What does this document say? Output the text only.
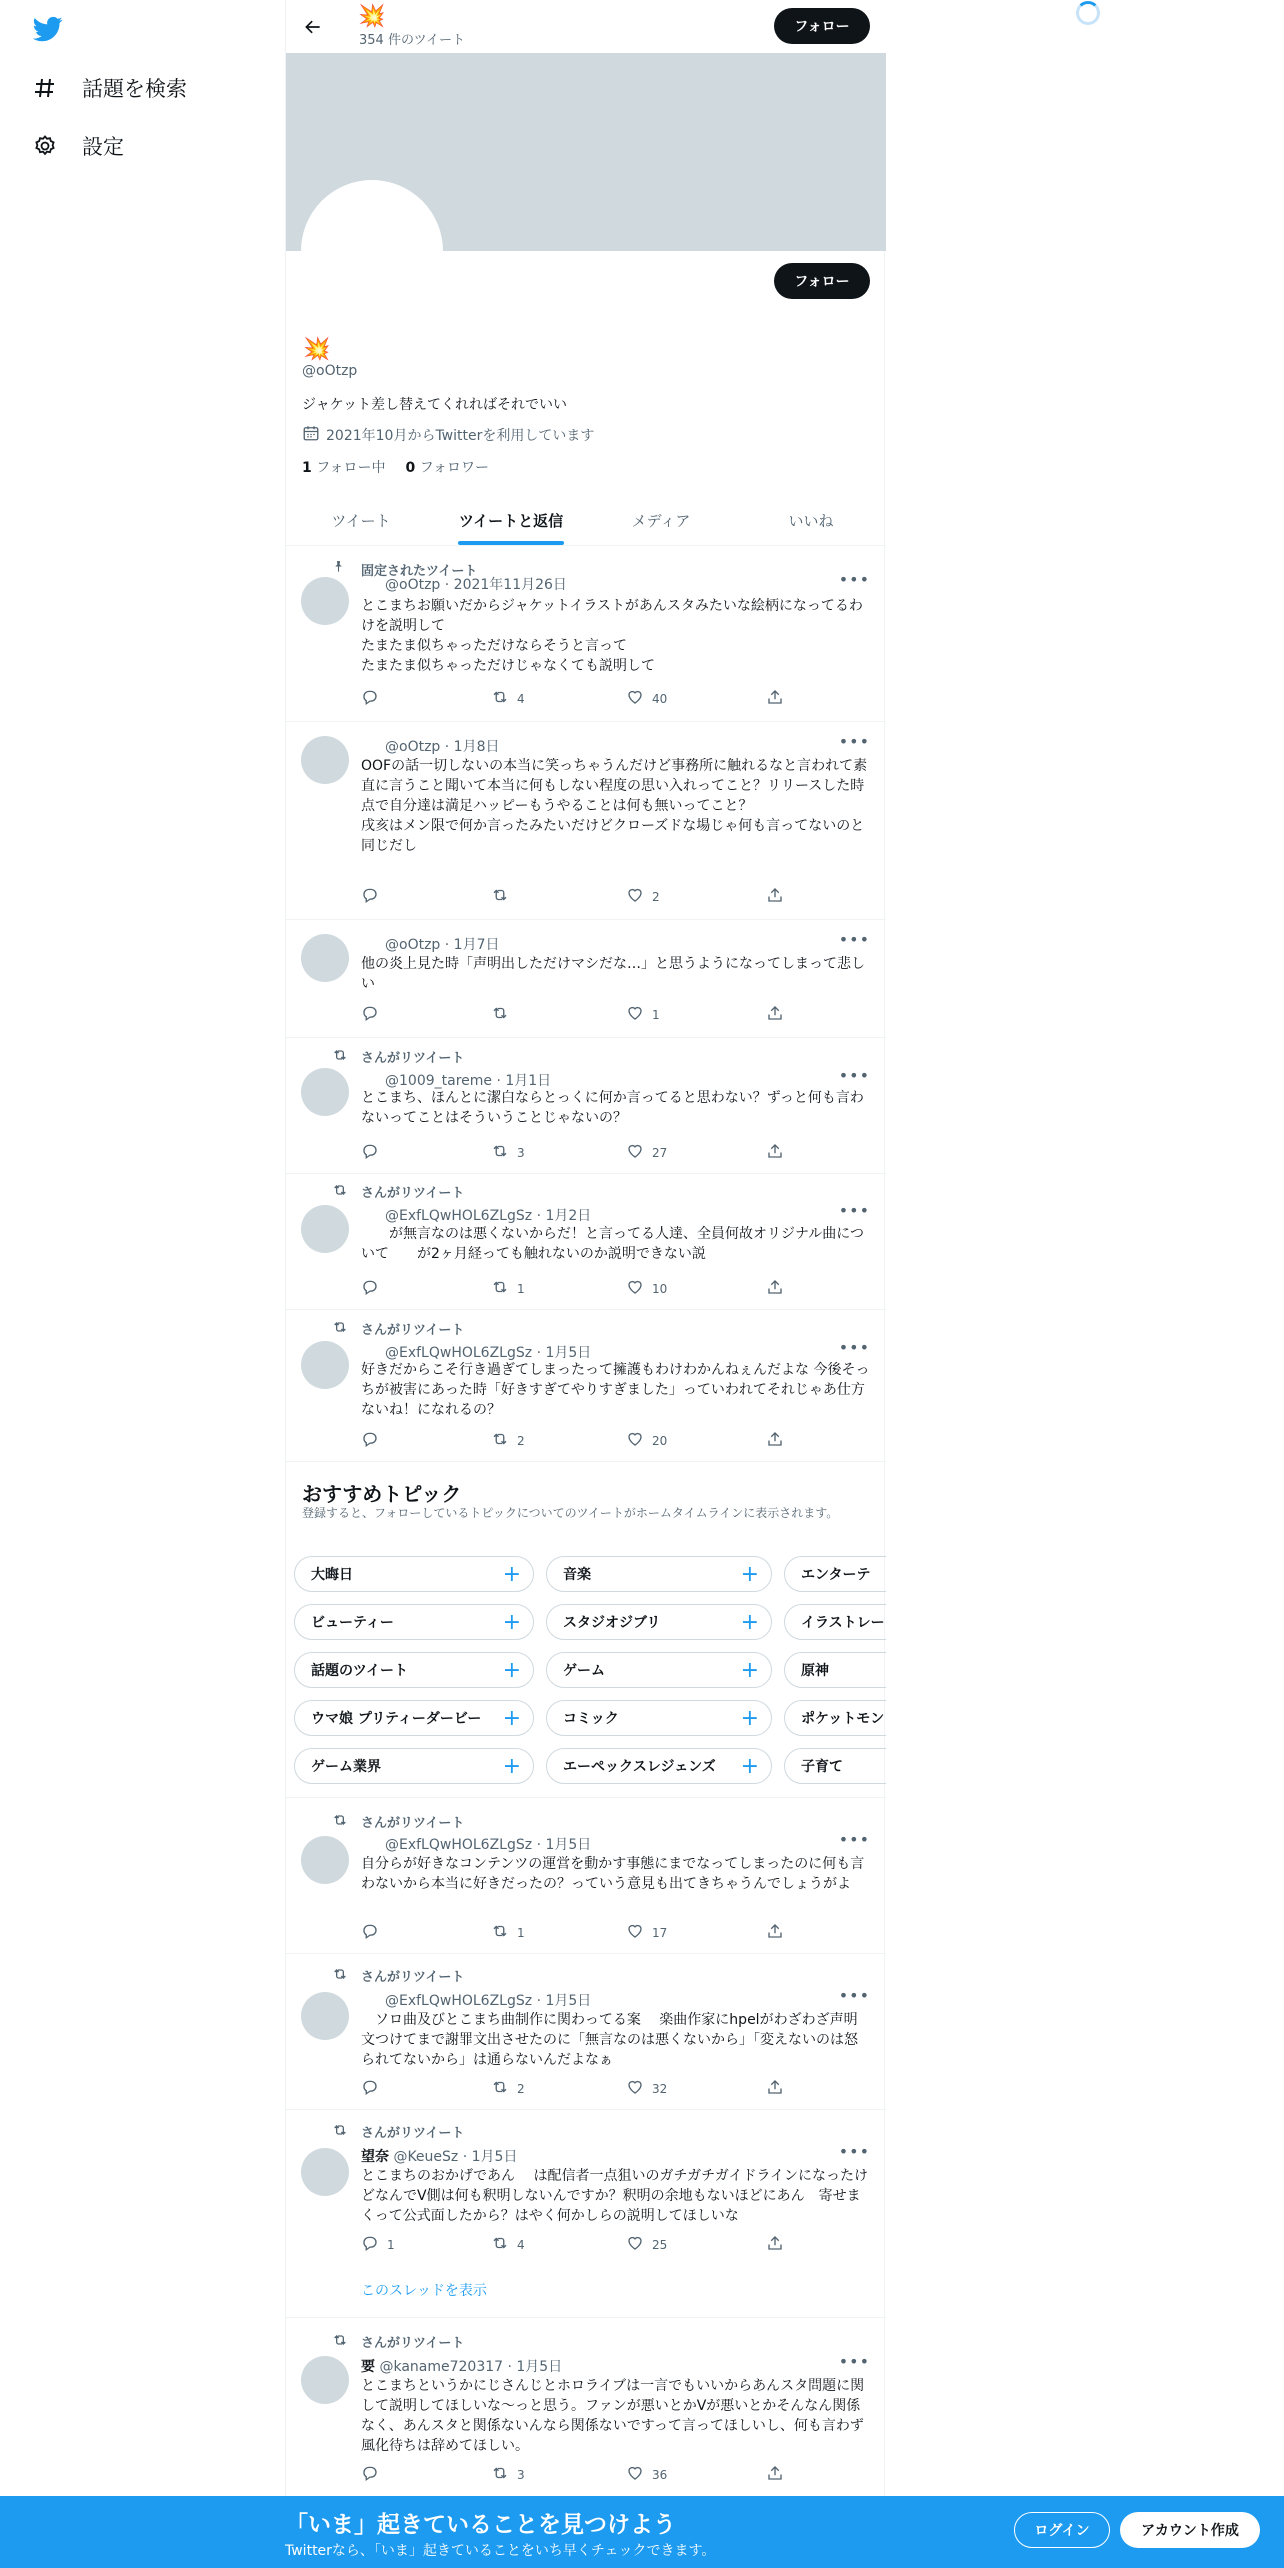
話題を検索
設定
💥
354 件のツイート
フォロー
フォロー
💥
@oOtzp
ジャケット差し替えてくれればそれでいい
2021年10月からTwitterを利用しています
1 フォロー中 0 フォロワー
ツイート	ツイートと返信	メディア	いいね
固定されたツイート
@oOtzp · 2021年11月26日	•••
とこまちお願いだからジャケットイラストがあんスタみたいな絵柄になってるわけを説明して
たまたま似ちゃっただけならそうと言って
たまたま似ちゃっただけじゃなくても説明して
4	40
@oOtzp · 1月8日	•••
OOFの話一切しないの本当に笑っちゃうんだけど事務所に触れるなと言われて素直に言うこと聞いて本当に何もしない程度の思い入れってこと？リリースした時点で自分達は満足ハッピーもうやることは何も無いってこと？
戌亥はメン限で何か言ったみたいだけどクローズドな場じゃ何も言ってないのと同じだし
2
@oOtzp · 1月7日	•••
他の炎上見た時「声明出しただけマシだな…」と思うようになってしまって悲しい
1
さんがリツイート
@1009_tareme · 1月1日	•••
とこまち、ほんとに潔白ならとっくに何か言ってると思わない？ずっと何も言わないってことはそういうことじゃないの？
3	27
さんがリツイート
@ExfLQwHOL6ZLgSz · 1月2日	•••
　　が無言なのは悪くないからだ！と言ってる人達、全員何故オリジナル曲について　　が2ヶ月経っても触れないのか説明できない説
1	10
さんがリツイート
@ExfLQwHOL6ZLgSz · 1月5日	•••
好きだからこそ行き過ぎてしまったって擁護もわけわかんねぇんだよな 今後そっちが被害にあった時「好きすぎてやりすぎました」っていわれてそれじゃあ仕方ないね！になれるの？
2	20
さんがリツイート
@ExfLQwHOL6ZLgSz · 1月5日	•••
自分らが好きなコンテンツの運営を動かす事態にまでなってしまったのに何も言わないから本当に好きだったの？っていう意見も出てきちゃうんでしょうがよ
1	17
さんがリツイート
@ExfLQwHOL6ZLgSz · 1月5日	•••
　ソロ曲及びとこまち曲制作に関わってる案　 楽曲作家にhpelがわざわざ声明文つけてまで謝罪文出させたのに「無言なのは悪くないから」「変えないのは怒られてないから」は通らないんだよなぁ
2	32
さんがリツイート
望奈 @KeueSz · 1月5日	•••
とこまちのおかげであん　 は配信者一点狙いのガチガチガイドラインになったけどなんでV側は何も釈明しないんですか？釈明の余地もないほどにあん　寄せまくって公式面したから？はやく何かしらの説明してほしいな
1	4	25
このスレッドを表示
さんがリツイート
要 @kaname720317 · 1月5日	•••
とこまちというかにじさんじとホロライブは一言でもいいからあんスタ問題に関して説明してほしいな〜っと思う。ファンが悪いとかVが悪いとかそんなん関係なく、あんスタと関係ないんなら関係ないですって言ってほしいし、何も言わず風化待ちは辞めてほしい。
3	36
おすすめトピック
登録すると、フォローしているトピックについてのツイートがホームタイムラインに表示されます。
大晦日	+	音楽	+	エンターテ
ビューティー	+	スタジオジブリ	+	イラストレー
話題のツイート	+	ゲーム	+	原神
ウマ娘 プリティーダービー +	コミック	+	ポケットモン
ゲーム業界	+	エーペックスレジェンズ +	子育て
「いま」起きていることを見つけよう
Twitterなら、「いま」起きていることをいち早くチェックできます。
ログイン	アカウント作成
